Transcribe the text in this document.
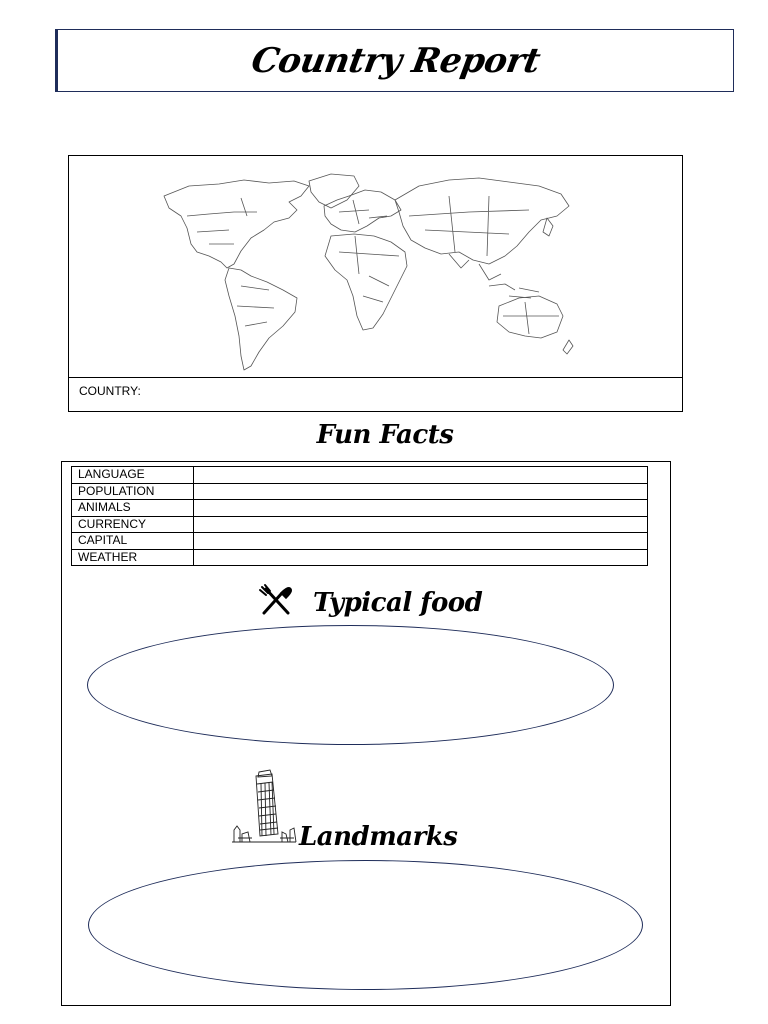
Country Report
COUNTRY:
Fun Facts
LANGUAGE	
POPULATION	
ANIMALS	
CURRENCY	
CAPITAL	
WEATHER	
Typical food
Landmarks
